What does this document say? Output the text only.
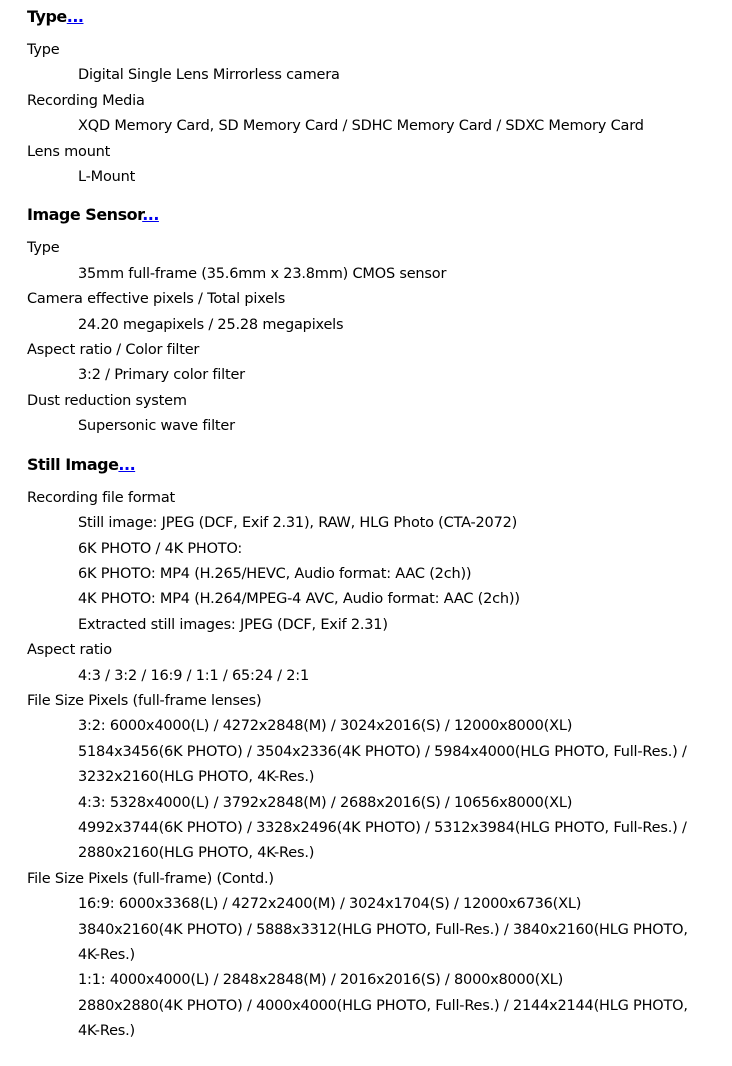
Type...
Type
Digital Single Lens Mirrorless camera
Recording Media
XQD Memory Card, SD Memory Card / SDHC Memory Card / SDXC Memory Card
Lens mount
L-Mount
Image Sensor...
Type
35mm full-frame (35.6mm x 23.8mm) CMOS sensor
Camera effective pixels / Total pixels
24.20 megapixels / 25.28 megapixels
Aspect ratio / Color filter
3:2 / Primary color filter
Dust reduction system
Supersonic wave filter
Still Image...
Recording file format
Still image: JPEG (DCF, Exif 2.31), RAW, HLG Photo (CTA-2072)
6K PHOTO / 4K PHOTO:
6K PHOTO: MP4 (H.265/HEVC, Audio format: AAC (2ch))
4K PHOTO: MP4 (H.264/MPEG-4 AVC, Audio format: AAC (2ch))
Extracted still images: JPEG (DCF, Exif 2.31)
Aspect ratio
4:3 / 3:2 / 16:9 / 1:1 / 65:24 / 2:1
File Size Pixels (full-frame lenses)
3:2: 6000x4000(L) / 4272x2848(M) / 3024x2016(S) / 12000x8000(XL)
5184x3456(6K PHOTO) / 3504x2336(4K PHOTO) / 5984x4000(HLG PHOTO, Full-Res.) / 3232x2160(HLG PHOTO, 4K-Res.)
4:3: 5328x4000(L) / 3792x2848(M) / 2688x2016(S) / 10656x8000(XL)
4992x3744(6K PHOTO) / 3328x2496(4K PHOTO) / 5312x3984(HLG PHOTO, Full-Res.) / 2880x2160(HLG PHOTO, 4K-Res.)
File Size Pixels (full-frame) (Contd.)
16:9: 6000x3368(L) / 4272x2400(M) / 3024x1704(S) / 12000x6736(XL)
3840x2160(4K PHOTO) / 5888x3312(HLG PHOTO, Full-Res.) / 3840x2160(HLG PHOTO, 4K-Res.)
1:1: 4000x4000(L) / 2848x2848(M) / 2016x2016(S) / 8000x8000(XL)
2880x2880(4K PHOTO) / 4000x4000(HLG PHOTO, Full-Res.) / 2144x2144(HLG PHOTO, 4K-Res.)
